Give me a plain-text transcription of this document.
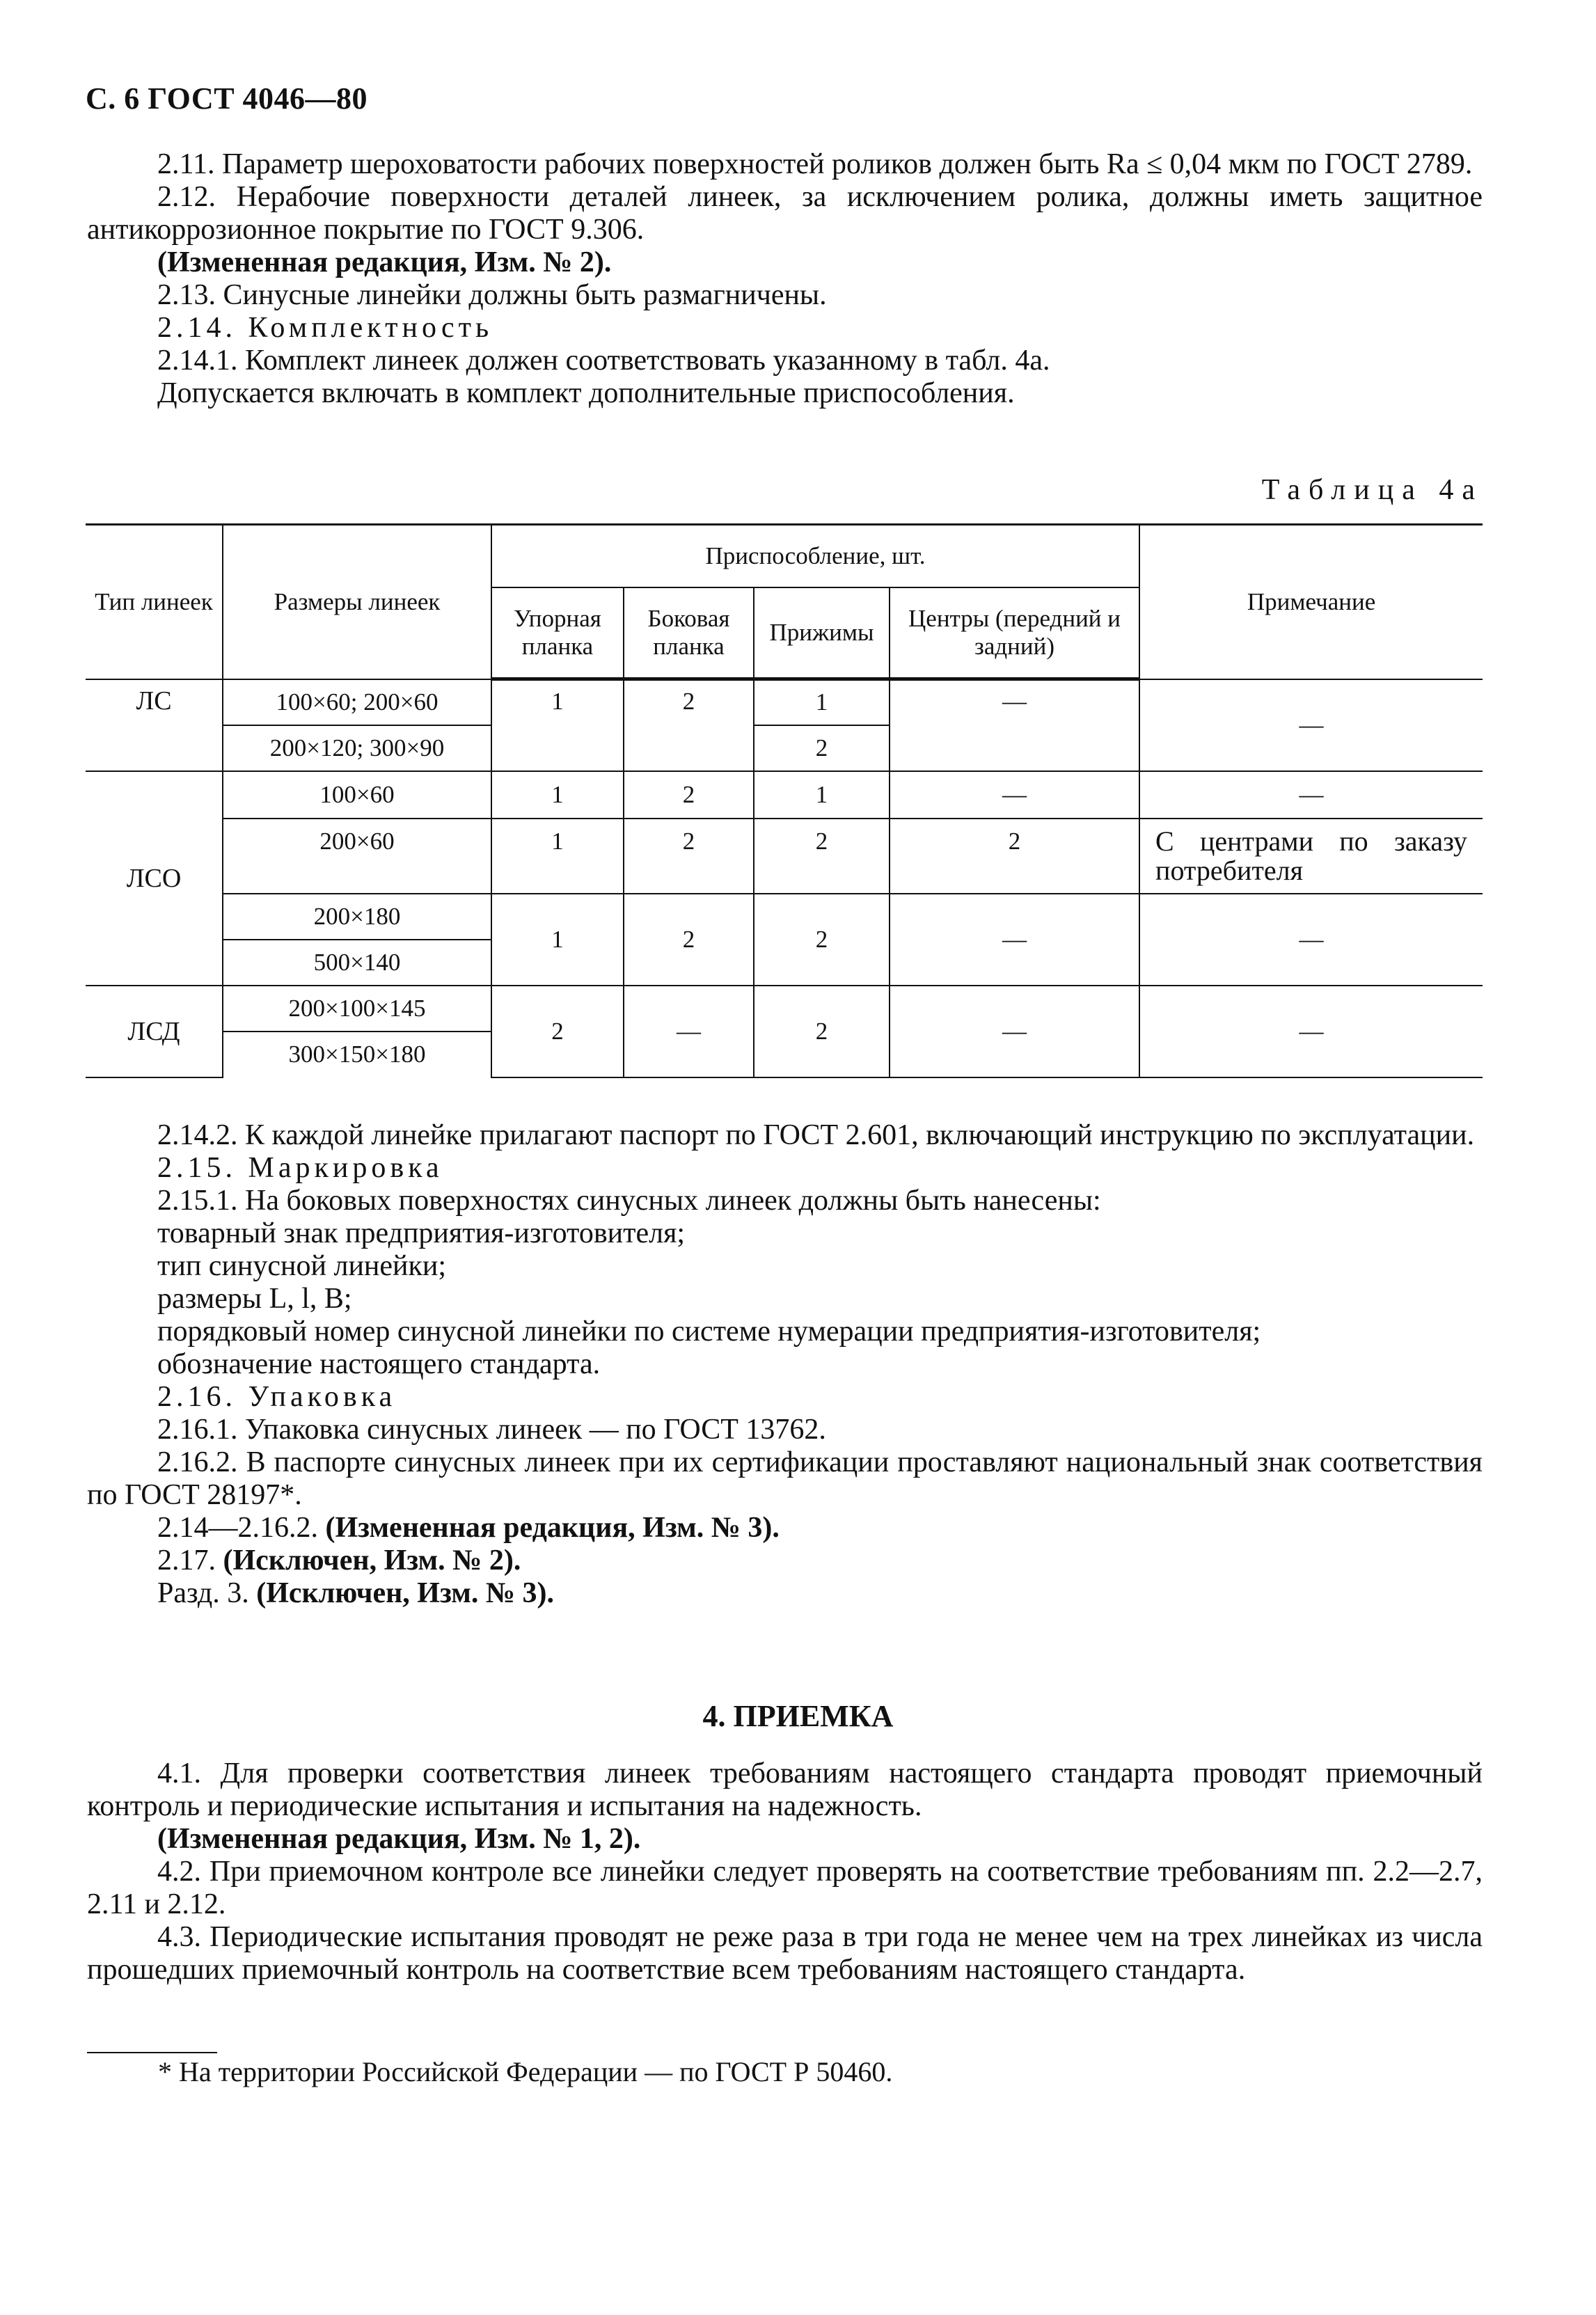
С. 6 ГОСТ 4046—80

2.11. Параметр шероховатости рабочих поверхностей роликов должен быть Ra ≤ 0,04 мкм по ГОСТ 2789.

2.12. Нерабочие поверхности деталей линеек, за исключением ролика, должны иметь защитное антикоррозионное покрытие по ГОСТ 9.306.

(Измененная редакция, Изм. № 2).

2.13. Синусные линейки должны быть размагничены.

2.14. Комплектность

2.14.1. Комплект линеек должен соответствовать указанному в табл. 4а.

Допускается включать в комплект дополнительные приспособления.

Таблица 4а
Тип линеек	Размеры линеек	Приспособление, шт.				Примечание
		Упорная планка	Боковая планка	Прижимы	Центры (передний и задний)	
ЛС	100×60; 200×60	1	2	1	—	—
	200×120; 300×90			2		
ЛСО	100×60	1	2	1	—	—
	200×60	1	2	2	2	С центрами по заказу потребителя
	200×180	1	2	2	—	—
	500×140					
ЛСД	200×100×145	2	—	2	—	—
	300×150×180					

2.14.2. К каждой линейке прилагают паспорт по ГОСТ 2.601, включающий инструкцию по эксплуатации.

2.15. Маркировка

2.15.1. На боковых поверхностях синусных линеек должны быть нанесены:

товарный знак предприятия-изготовителя;

тип синусной линейки;

размеры L, l, B;

порядковый номер синусной линейки по системе нумерации предприятия-изготовителя;

обозначение настоящего стандарта.

2.16. Упаковка

2.16.1. Упаковка синусных линеек — по ГОСТ 13762.

2.16.2. В паспорте синусных линеек при их сертификации проставляют национальный знак соответствия по ГОСТ 28197*.

2.14—2.16.2. (Измененная редакция, Изм. № 3).

2.17. (Исключен, Изм. № 2).

Разд. 3. (Исключен, Изм. № 3).

4. ПРИЕМКА

4.1. Для проверки соответствия линеек требованиям настоящего стандарта проводят приемочный контроль и периодические испытания и испытания на надежность.

(Измененная редакция, Изм. № 1, 2).

4.2. При приемочном контроле все линейки следует проверять на соответствие требованиям пп. 2.2—2.7, 2.11 и 2.12.

4.3. Периодические испытания проводят не реже раза в три года не менее чем на трех линейках из числа прошедших приемочный контроль на соответствие всем требованиям настоящего стандарта.

* На территории Российской Федерации — по ГОСТ Р 50460.
